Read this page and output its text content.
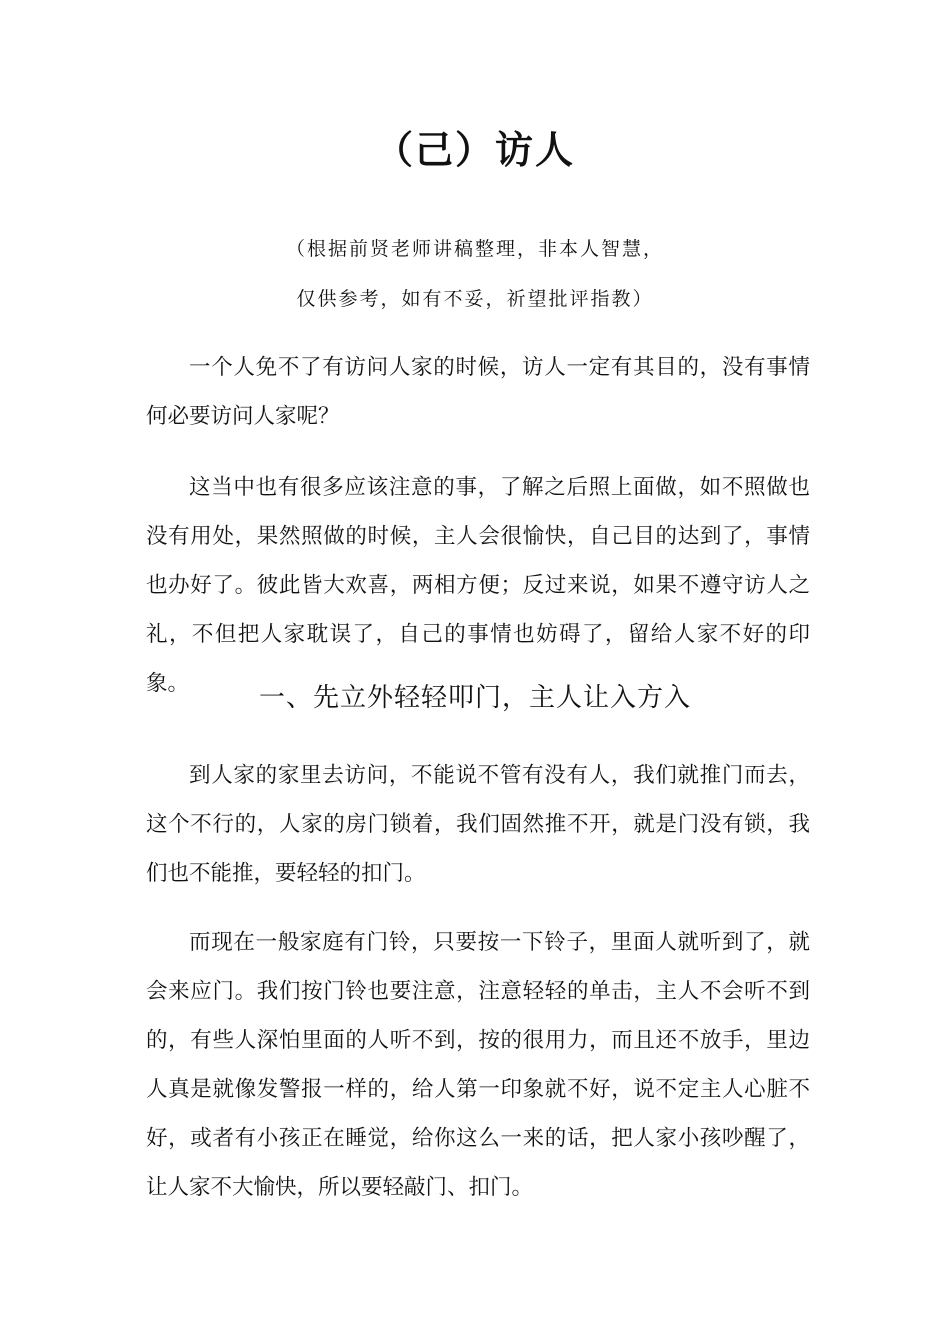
（己）访人
（根据前贤老师讲稿整理，非本人智慧，
仅供参考，如有不妥，祈望批评指教）

一个人免不了有访问人家的时候，访人一定有其目的，没有事情何必要访问人家呢？

这当中也有很多应该注意的事，了解之后照上面做，如不照做也没有用处，果然照做的时候，主人会很愉快，自己目的达到了，事情也办好了。彼此皆大欢喜，两相方便；反过来说，如果不遵守访人之礼，不但把人家耽误了，自己的事情也妨碍了，留给人家不好的印象。	一、先立外轻轻叩门，主人让入方入

到人家的家里去访问，不能说不管有没有人，我们就推门而去，这个不行的，人家的房门锁着，我们固然推不开，就是门没有锁，我们也不能推，要轻轻的扣门。

而现在一般家庭有门铃，只要按一下铃子，里面人就听到了，就会来应门。我们按门铃也要注意，注意轻轻的单击，主人不会听不到的，有些人深怕里面的人听不到，按的很用力，而且还不放手，里边人真是就像发警报一样的，给人第一印象就不好，说不定主人心脏不好，或者有小孩正在睡觉，给你这么一来的话，把人家小孩吵醒了，让人家不大愉快，所以要轻敲门、扣门。
